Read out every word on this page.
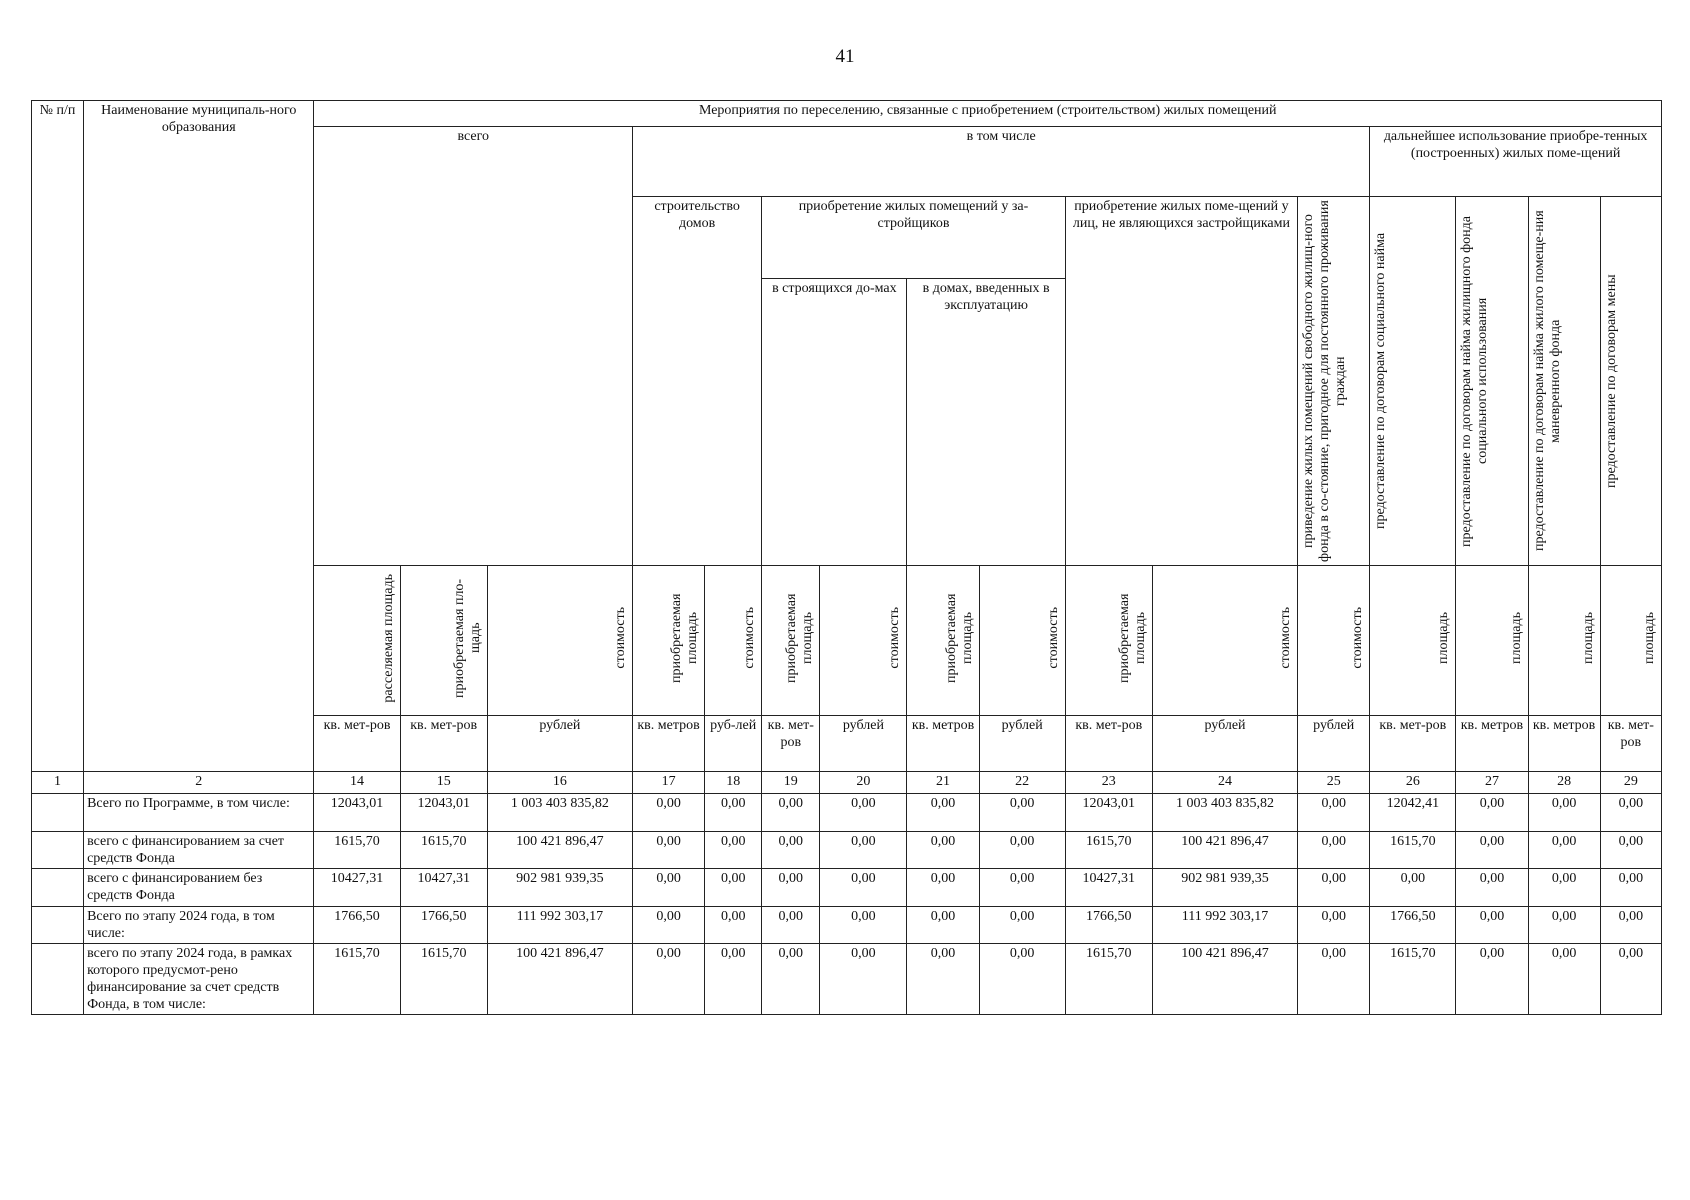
41
№ п/п	Наименование муниципаль-ного образования	Мероприятия по переселению, связанные с приобретением (строительством) жилых помещений															
		всего			в том числе									дальнейшее использование приобре-тенных (построенных) жилых поме-щений			
					строительство домов		приобретение жилых помещений у за-стройщиков				приобретение жилых поме-щений у лиц, не являющихся застройщиками		приведение жилых помещений свободного жилищ-ного фонда в со-стояние, пригодное для постоянного проживания граждан	предоставление по договорам социального найма	предоставление по договорам найма жилищного фонда социального использования	предоставление по договорам найма жилого помеще-ния маневренного фонда	предоставление по договорам мены

							в строящихся до-мах		в домах, введенных в эксплуатацию								

		расселяемая площадь	приобретаемая пло-щадь	стоимость	приобретаемая площадь	стоимость	приобретаемая площадь	стоимость	приобретаемая площадь	стоимость	приобретаемая площадь	стоимость	стоимость	площадь	площадь	площадь	площадь

		кв. мет-ров	кв. мет-ров	рублей	кв. метров	руб-лей	кв. мет-ров	рублей	кв. метров	рублей	кв. мет-ров	рублей	рублей	кв. мет-ров	кв. метров	кв. метров	кв. мет-ров
1	2	14	15	16	17	18	19	20	21	22	23	24	25	26	27	28	29
	Всего по Программе, в том числе:	12043,01	12043,01	1 003 403 835,82	0,00	0,00	0,00	0,00	0,00	0,00	12043,01	1 003 403 835,82	0,00	12042,41	0,00	0,00	0,00
	всего с финансированием за счет средств Фонда	1615,70	1615,70	100 421 896,47	0,00	0,00	0,00	0,00	0,00	0,00	1615,70	100 421 896,47	0,00	1615,70	0,00	0,00	0,00
	всего с финансированием без средств Фонда	10427,31	10427,31	902 981 939,35	0,00	0,00	0,00	0,00	0,00	0,00	10427,31	902 981 939,35	0,00	0,00	0,00	0,00	0,00
	Всего по этапу 2024 года, в том числе:	1766,50	1766,50	111 992 303,17	0,00	0,00	0,00	0,00	0,00	0,00	1766,50	111 992 303,17	0,00	1766,50	0,00	0,00	0,00
	всего по этапу 2024 года, в рамках которого предусмот-рено финансирование за счет средств Фонда, в том числе:	1615,70	1615,70	100 421 896,47	0,00	0,00	0,00	0,00	0,00	0,00	1615,70	100 421 896,47	0,00	1615,70	0,00	0,00	0,00
